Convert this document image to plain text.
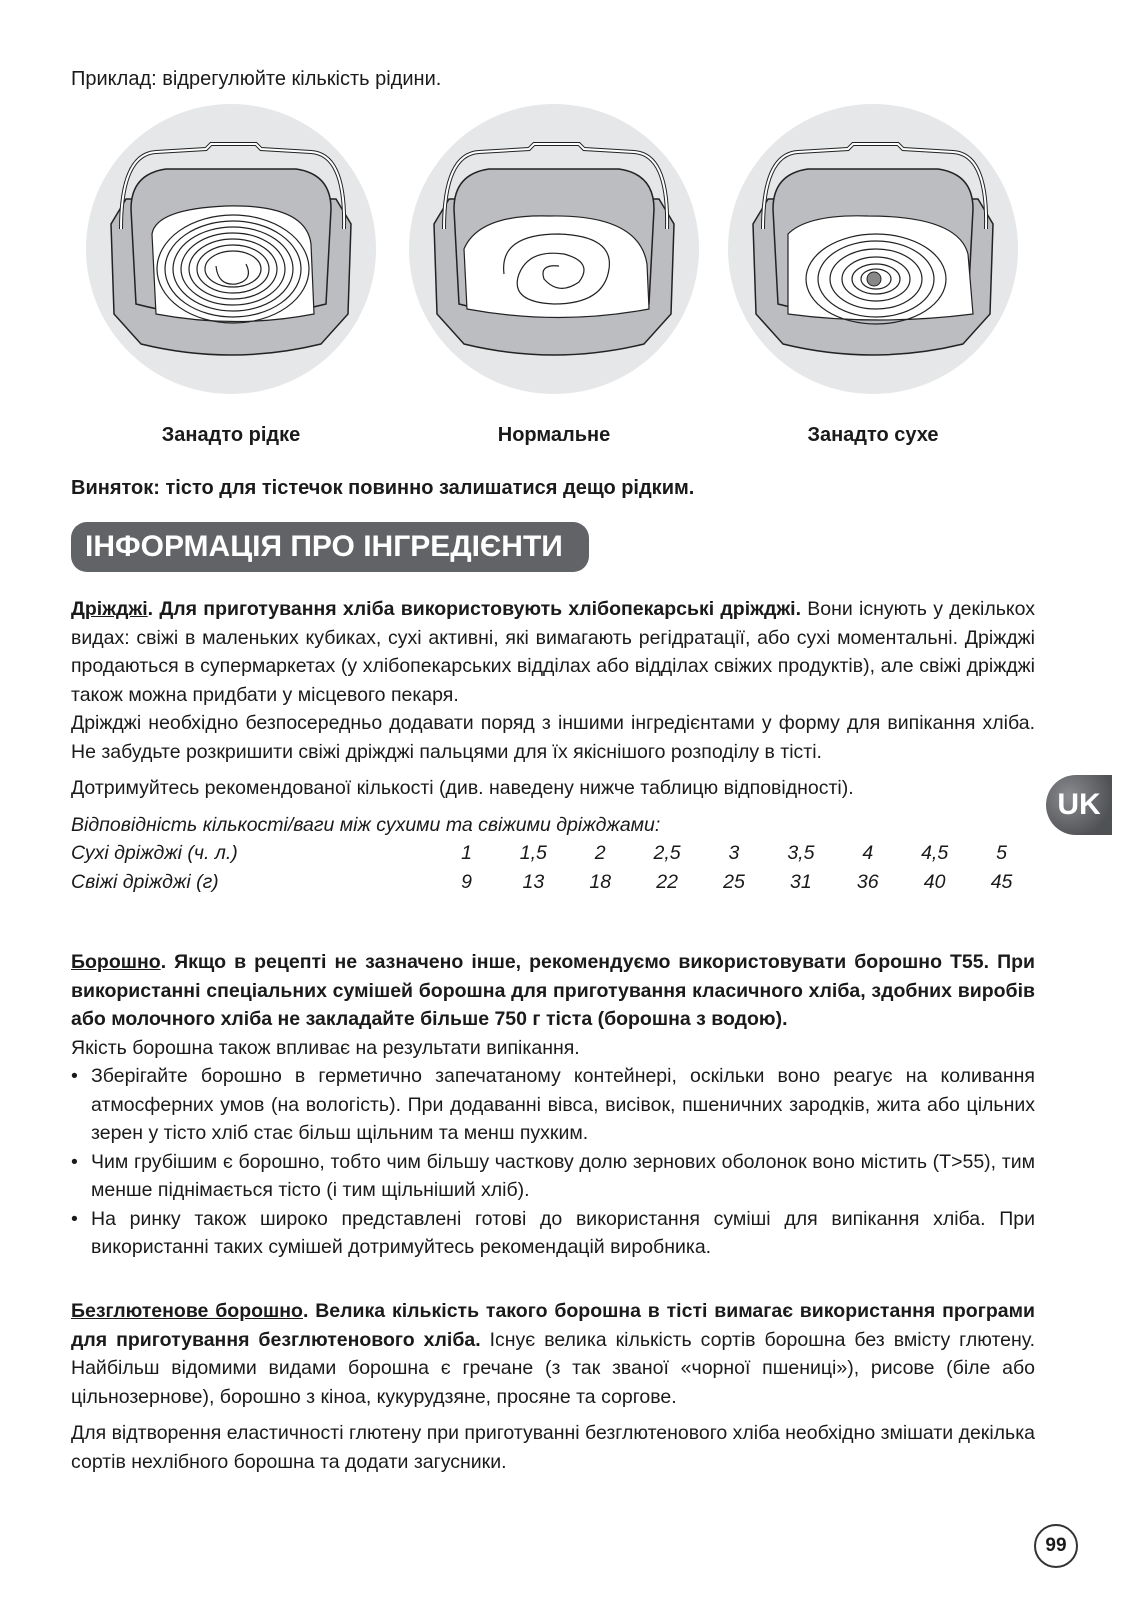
Приклад: відрегулюйте кількість рідини.
Занадто рідке	Нормальне	Занадто сухе
Виняток: тісто для тістечок повинно залишатися дещо рідким.
ІНФОРМАЦІЯ ПРО ІНГРЕДІЄНТИ

Дріжджі. Для приготування хліба використовують хлібопекарські дріжджі. Вони існують у декількох видах: свіжі в маленьких кубиках, сухі активні, які вимагають регідратації, або сухі моментальні. Дріжджі продаються в супермаркетах (у хлібопекарських відділах або відділах свіжих продуктів), але свіжі дріжджі також можна придбати у місцевого пекаря.

Дріжджі необхідно безпосередньо додавати поряд з іншими інгредієнтами у форму для випікання хліба. Не забудьте розкришити свіжі дріжджі пальцями для їх якіснішого розподілу в тісті.

Дотримуйтесь рекомендованої кількості (див. наведену нижче таблицю відповідності).

Відповідність кількості/ваги між сухими та свіжими дріжджами:

Сухі дріжджі (ч. л.)	1	1,5	2	2,5	3	3,5	4	4,5	5
Свіжі дріжджі (г)	9	13	18	22	25	31	36	40	45

Борошно. Якщо в рецепті не зазначено інше, рекомендуємо використовувати борошно Т55. При використанні спеціальних сумішей борошна для приготування класичного хліба, здобних виробів або молочного хліба не закладайте більше 750 г тіста (борошна з водою).

Якість борошна також впливає на результати випікання.

• Зберігайте борошно в герметично запечатаному контейнері, оскільки воно реагує на коливання атмосферних умов (на вологість). При додаванні вівса, висівок, пшеничних зародків, жита або цільних зерен у тісто хліб стає більш щільним та менш пухким.
• Чим грубішим є борошно, тобто чим більшу часткову долю зернових оболонок воно містить (T>55), тим менше піднімається тісто (і тим щільніший хліб).
• На ринку також широко представлені готові до використання суміші для випікання хліба. При використанні таких сумішей дотримуйтесь рекомендацій виробника.

Безглютенове борошно. Велика кількість такого борошна в тісті вимагає використання програми для приготування безглютенового хліба. Існує велика кількість сортів борошна без вмісту глютену. Найбільш відомими видами борошна є гречане (з так званої «чорної пшениці»), рисове (біле або цільнозернове), борошно з кіноа, кукурудзяне, просяне та соргове.

Для відтворення еластичності глютену при приготуванні безглютенового хліба необхідно змішати декілька сортів нехлібного борошна та додати загусники.

UK
99
